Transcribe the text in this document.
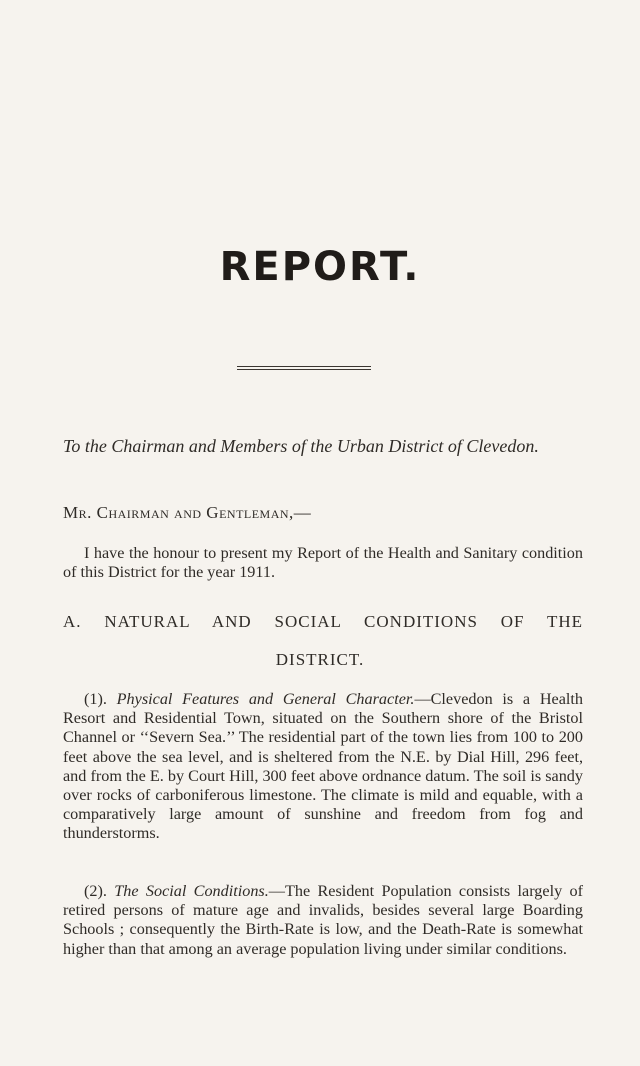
REPORT.

To the Chairman and Members of the Urban District of Clevedon.

Mr. Chairman and Gentleman,—

I have the honour to present my Report of the Health and Sanitary condition of this District for the year 1911.

A. NATURAL AND SOCIAL CONDITIONS OF THE

DISTRICT.

(1). Physical Features and General Character.—Clevedon is a Health Resort and Residential Town, situated on the Southern shore of the Bristol Channel or ‘‘Severn Sea.’’ The residential part of the town lies from 100 to 200 feet above the sea level, and is sheltered from the N.E. by Dial Hill, 296 feet, and from the E. by Court Hill, 300 feet above ordnance datum. The soil is sandy over rocks of carboniferous limestone. The climate is mild and equable, with a comparatively large amount of sunshine and freedom from fog and thunderstorms.

(2). The Social Conditions.—The Resident Population consists largely of retired persons of mature age and invalids, besides several large Boarding Schools ; consequently the Birth-Rate is low, and the Death-Rate is somewhat higher than that among an average population living under similar conditions.
